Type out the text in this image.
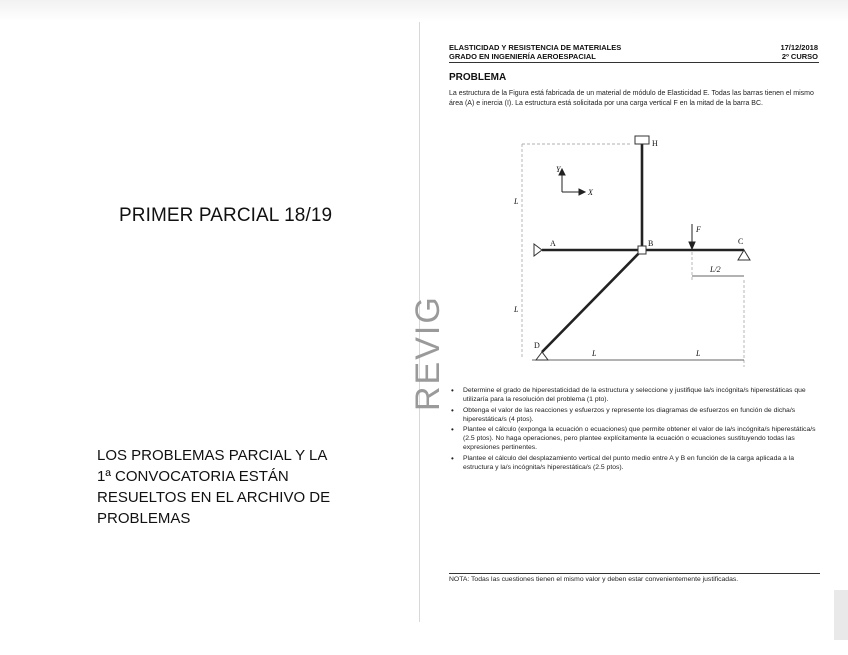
PRIMER PARCIAL 18/19
LOS PROBLEMAS PARCIAL Y LA
1ª CONVOCATORIA ESTÁN
RESUELTOS EN EL ARCHIVO DE
PROBLEMAS
ELASTICIDAD Y RESISTENCIA DE MATERIALES
GRADO EN INGENIERÍA AEROESPACIAL
17/12/2018
2º CURSO
PROBLEMA
La estructura de la Figura está fabricada de un material de módulo de Elasticidad E. Todas las barras tienen el mismo área (A) e inercia (I). La estructura está solicitada por una carga vertical F en la mitad de la barra BC.
H
A	B	C
D
Y
X
F
L
L
L	L
L/2
• Determine el grado de hiperestaticidad de la estructura y seleccione y justifique la/s incógnita/s hiperestáticas que utilizaría para la resolución del problema (1 pto).
• Obtenga el valor de las reacciones y esfuerzos y represente los diagramas de esfuerzos en función de dicha/s hiperestática/s (4 ptos).
• Plantee el cálculo (exponga la ecuación o ecuaciones) que permite obtener el valor de la/s incógnita/s hiperestática/s (2.5 ptos). No haga operaciones, pero plantee explícitamente la ecuación o ecuaciones sustituyendo todas las expresiones pertinentes.
• Plantee el cálculo del desplazamiento vertical del punto medio entre A y B en función de la carga aplicada a la estructura y la/s incógnita/s hiperestática/s (2.5 ptos).
NOTA: Todas las cuestiones tienen el mismo valor y deben estar convenientemente justificadas.
REVIG
